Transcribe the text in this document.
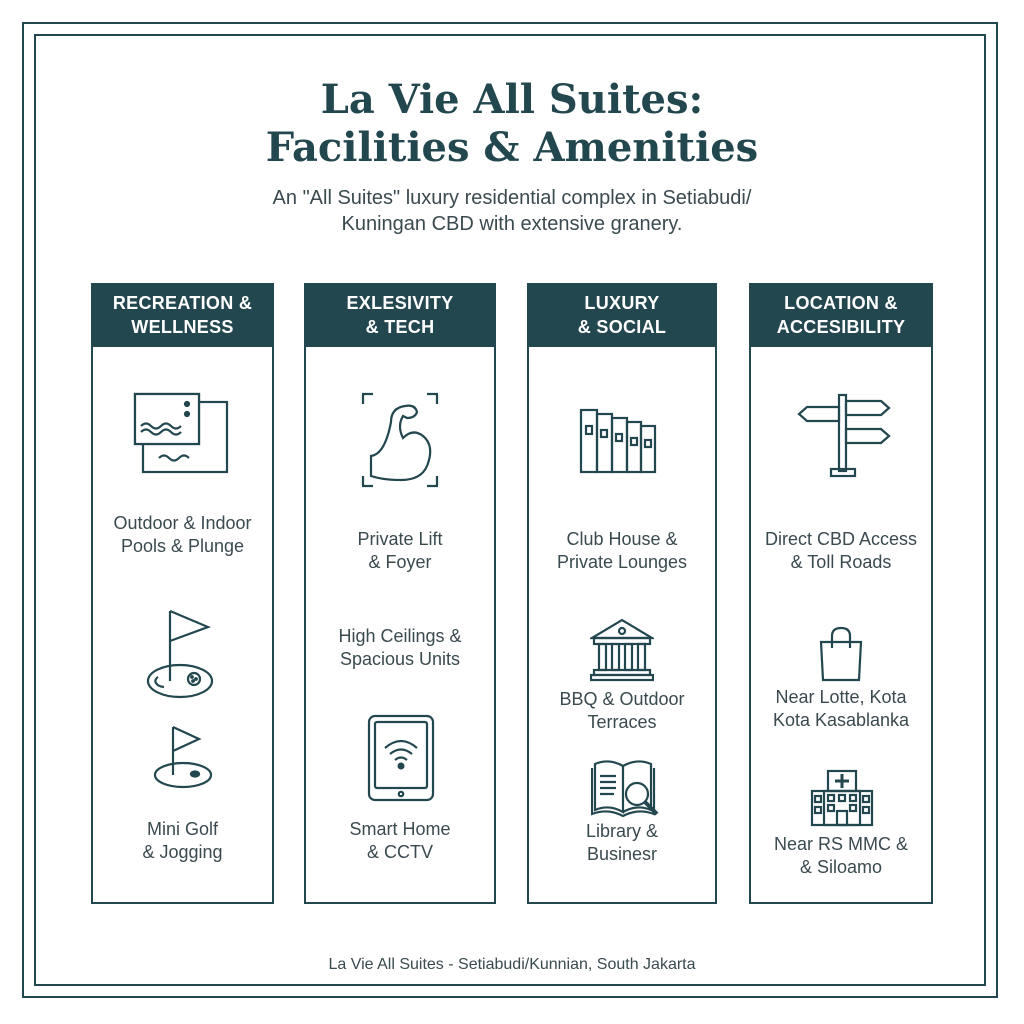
La Vie All Suites:
Facilities & Amenities

An "All Suites" luxury residential complex in Setiabudi/

Kuningan CBD with extensive granery.

RECREATION &
WELLNESS
Outdoor & Indoor
Pools & Plunge
Mini Golf
& Jogging
EXLESIVITY
& TECH
Private Lift
& Foyer
High Ceilings &
Spacious Units
Smart Home
& CCTV
LUXURY
& SOCIAL
Club House &
Private Lounges
BBQ & Outdoor
Terraces
Library &
Businesr
LOCATION &
ACCESIBILITY
Direct CBD Access
& Toll Roads
Near Lotte, Kota
Kota Kasablanka
Near RS MMC &
& Siloamo
La Vie All Suites - Setiabudi/Kunnian, South Jakarta
